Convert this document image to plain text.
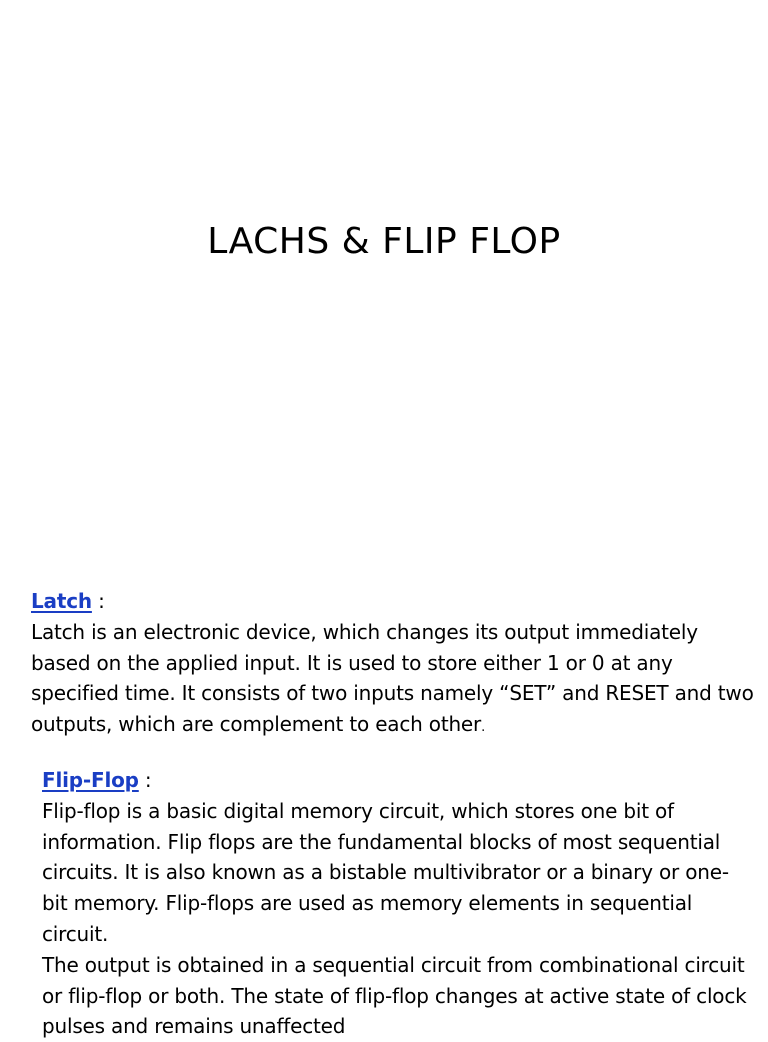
LACHS & FLIP FLOP

Latch :

Latch is an electronic device, which changes its output immediately based on the applied input. It is used to store either 1 or 0 at any specified time. It consists of two inputs namely “SET” and RESET and two outputs, which are complement to each other.

Flip-Flop :

Flip-flop is a basic digital memory circuit, which stores one bit of information. Flip flops are the fundamental blocks of most sequential circuits. It is also known as a bistable multivibrator or a binary or one-bit memory. Flip-flops are used as memory elements in sequential circuit.

The output is obtained in a sequential circuit from combinational circuit or flip-flop or both. The state of flip-flop changes at active state of clock pulses and remains unaffected
